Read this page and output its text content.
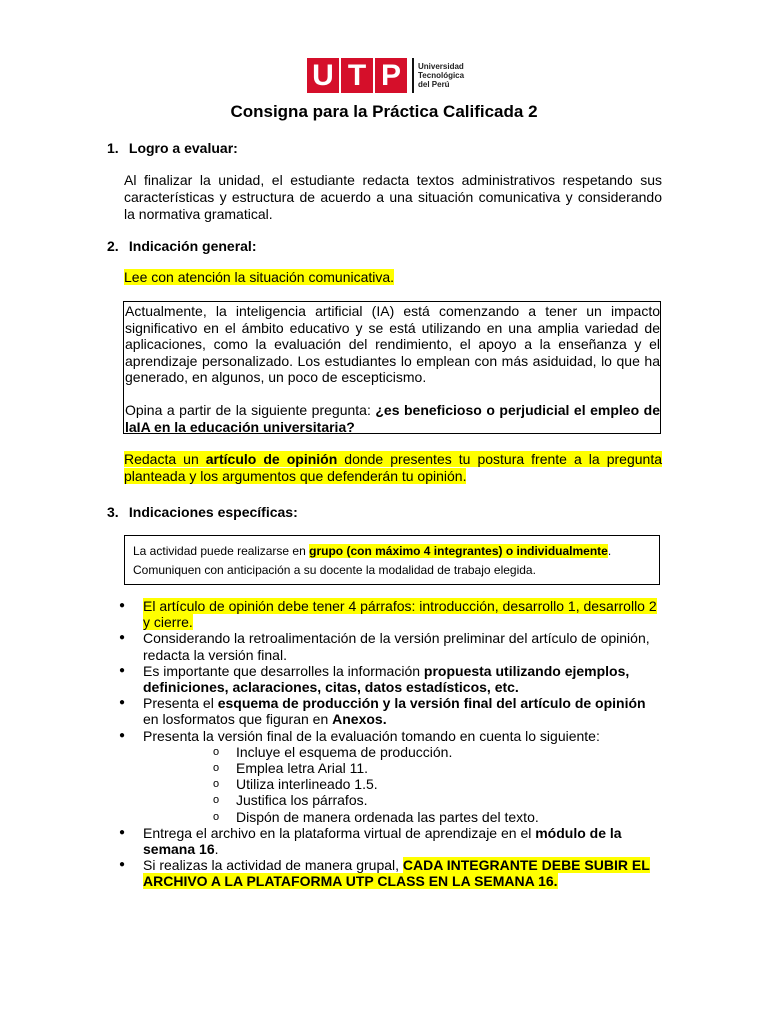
U T P	Universidad
Tecnológica
del Perú
Consigna para la Práctica Calificada 2
1. Logro a evaluar:
Al finalizar la unidad, el estudiante redacta textos administrativos respetando sus características y estructura de acuerdo a una situación comunicativa y considerando la normativa gramatical.
2. Indicación general:
Lee con atención la situación comunicativa.

Actualmente, la inteligencia artificial (IA) está comenzando a tener un impacto significativo en el ámbito educativo y se está utilizando en una amplia variedad de aplicaciones, como la evaluación del rendimiento, el apoyo a la enseñanza y el aprendizaje personalizado. Los estudiantes lo emplean con más asiduidad, lo que ha generado, en algunos, un poco de escepticismo.

Opina a partir de la siguiente pregunta: ¿es beneficioso o perjudicial el empleo de laIA en la educación universitaria?

Redacta un artículo de opinión donde presentes tu postura frente a la pregunta planteada y los argumentos que defenderán tu opinión.
3. Indicaciones específicas:
La actividad puede realizarse en grupo (con máximo 4 integrantes) o individualmente.
Comuniquen con anticipación a su docente la modalidad de trabajo elegida.
● El artículo de opinión debe tener 4 párrafos: introducción, desarrollo 1, desarrollo 2 y cierre.
● Considerando la retroalimentación de la versión preliminar del artículo de opinión, redacta la versión final.
● Es importante que desarrolles la información propuesta utilizando ejemplos, definiciones, aclaraciones, citas, datos estadísticos, etc.
● Presenta el esquema de producción y la versión final del artículo de opinión en losformatos que figuran en Anexos.
● Presenta la versión final de la evaluación tomando en cuenta lo siguiente:
o Incluye el esquema de producción.
o Emplea letra Arial 11.
o Utiliza interlineado 1.5.
o Justifica los párrafos.
o Dispón de manera ordenada las partes del texto.
● Entrega el archivo en la plataforma virtual de aprendizaje en el módulo de la semana 16.
● Si realizas la actividad de manera grupal, CADA INTEGRANTE DEBE SUBIR EL ARCHIVO A LA PLATAFORMA UTP CLASS EN LA SEMANA 16.
